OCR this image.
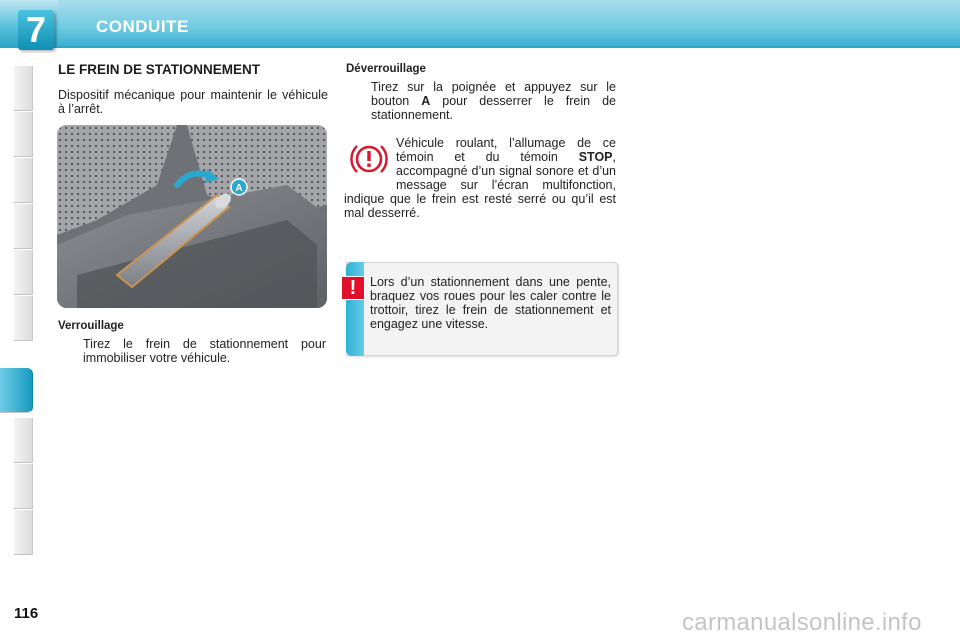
7	CONDUITE
LE FREIN DE STATIONNEMENT
Dispositif mécanique pour maintenir le véhicule à l’arrêt.
A
Verrouillage
Tirez le frein de stationnement pour immobiliser votre véhicule.
Déverrouillage
Tirez sur la poignée et appuyez sur le bouton A pour desserrer le frein de stationnement.
Véhicule roulant, l’allumage de ce témoin et du témoin STOP, accompagné d’un signal sonore et d’un message sur l’écran multifonction, indique que le frein est resté serré ou qu’il est mal desserré.
!	Lors d’un stationnement dans une pente, braquez vos roues pour les caler contre le trottoir, tirez le frein de stationnement et engagez une vitesse.
116	carmanualsonline.info
